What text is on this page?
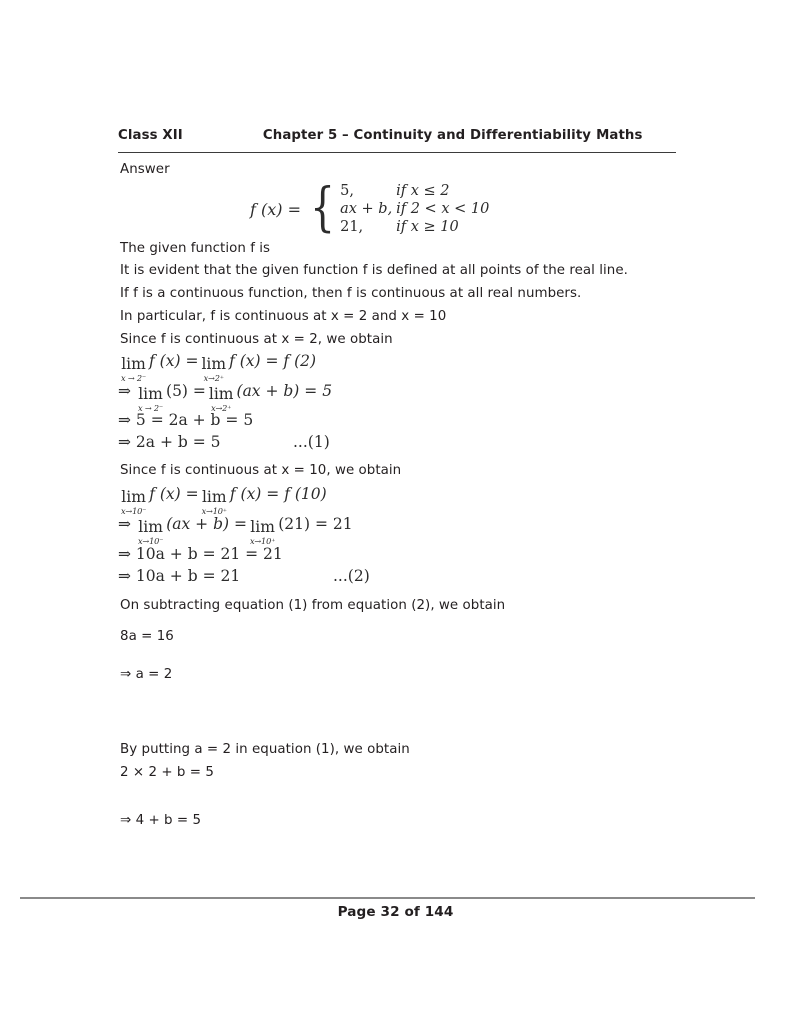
Class XII	Chapter 5 – Continuity and Differentiability Maths
Answer
f (x) = { 5,	if x ≤ 2
ax + b, if 2 < x < 10
21,	if x ≥ 10
The given function f is
It is evident that the given function f is defined at all points of the real line.
If f is a continuous function, then f is continuous at all real numbers.
In particular, f is continuous at x = 2 and x = 10
Since f is continuous at x = 2, we obtain
lim
x → 2⁻
f (x) = lim
x→2⁺
f (x) = f (2)
⇒ lim
x → 2⁻
(5) = lim
x→2⁺
(ax + b) = 5
⇒ 5 = 2a + b = 5
⇒ 2a + b = 5	...(1)
Since f is continuous at x = 10, we obtain
lim
x→10⁻
f (x) = lim
x→10⁺
f (x) = f (10)
⇒ lim
x→10⁻
(ax + b) = lim
x→10⁺
(21) = 21
⇒ 10a + b = 21 = 21
⇒ 10a + b = 21	...(2)
On subtracting equation (1) from equation (2), we obtain
8a = 16
⇒ a = 2
By putting a = 2 in equation (1), we obtain
2 × 2 + b = 5
⇒ 4 + b = 5
Page 32 of 144
